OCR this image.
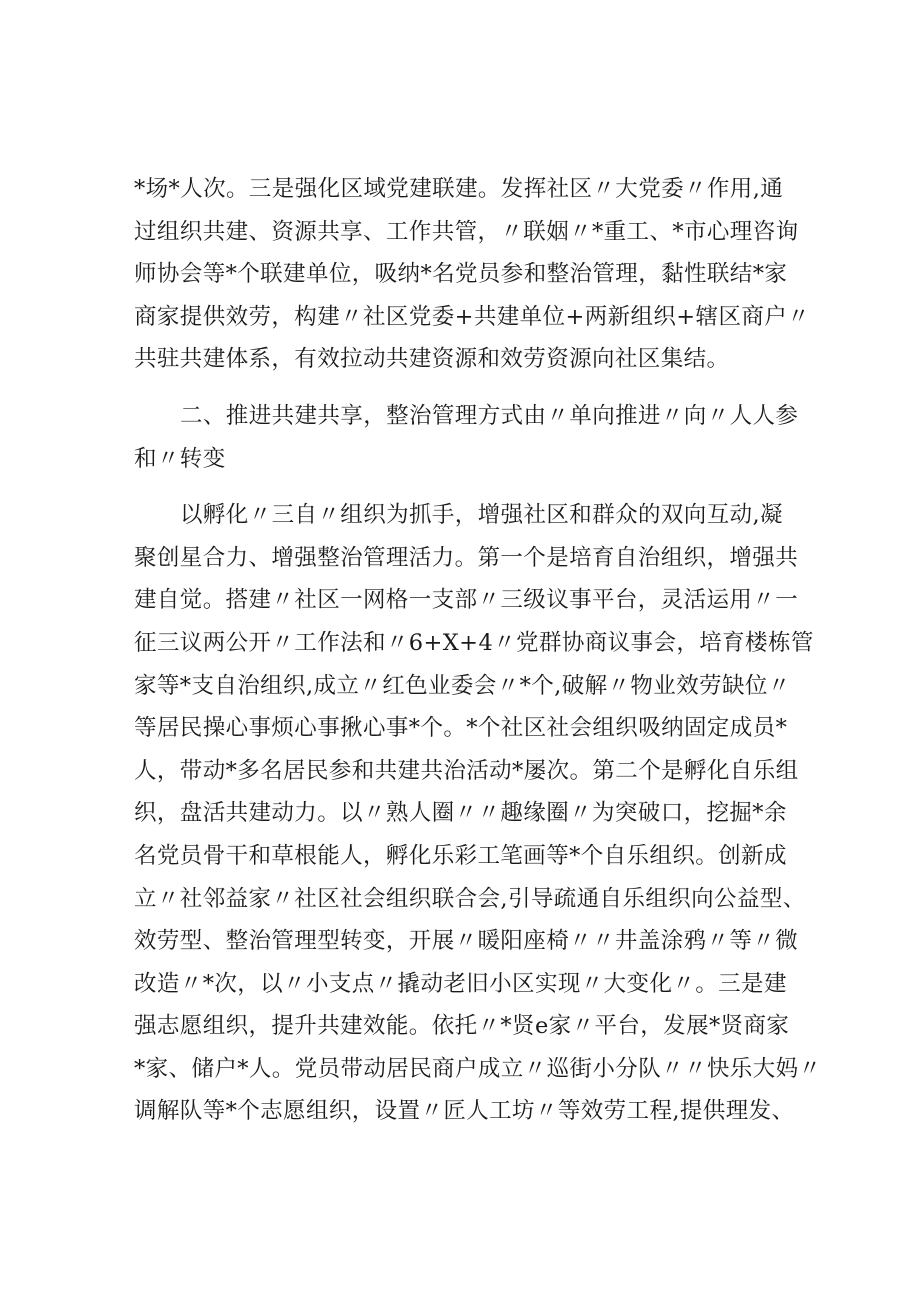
*场*人次。三是强化区域党建联建。发挥社区〃大党委〃作用,通
过组织共建、资源共享、工作共管，〃联姻〃*重工、*市心理咨询
师协会等*个联建单位，吸纳*名党员参和整治管理，黏性联结*家
商家提供效劳，构建〃社区党委+共建单位+两新组织+辖区商户〃
共驻共建体系，有效拉动共建资源和效劳资源向社区集结。
二、推进共建共享，整治管理方式由〃单向推进〃向〃人人参
和〃转变
以孵化〃三自〃组织为抓手，增强社区和群众的双向互动,凝
聚创星合力、增强整治管理活力。第一个是培育自治组织，增强共
建自觉。搭建〃社区一网格一支部〃三级议事平台，灵活运用〃一
征三议两公开〃工作法和〃6+X+4〃党群协商议事会，培育楼栋管
家等*支自治组织,成立〃红色业委会〃*个,破解〃物业效劳缺位〃
等居民操心事烦心事揪心事*个。*个社区社会组织吸纳固定成员*
人，带动*多名居民参和共建共治活动*屡次。第二个是孵化自乐组
织，盘活共建动力。以〃熟人圈〃〃趣缘圈〃为突破口，挖掘*余
名党员骨干和草根能人，孵化乐彩工笔画等*个自乐组织。创新成
立〃社邻益家〃社区社会组织联合会,引导疏通自乐组织向公益型、
效劳型、整治管理型转变，开展〃暖阳座椅〃〃井盖涂鸦〃等〃微
改造〃*次，以〃小支点〃撬动老旧小区实现〃大变化〃。三是建
强志愿组织，提升共建效能。依托〃*贤e家〃平台，发展*贤商家
*家、储户*人。党员带动居民商户成立〃巡街小分队〃〃快乐大妈〃
调解队等*个志愿组织，设置〃匠人工坊〃等效劳工程,提供理发、
